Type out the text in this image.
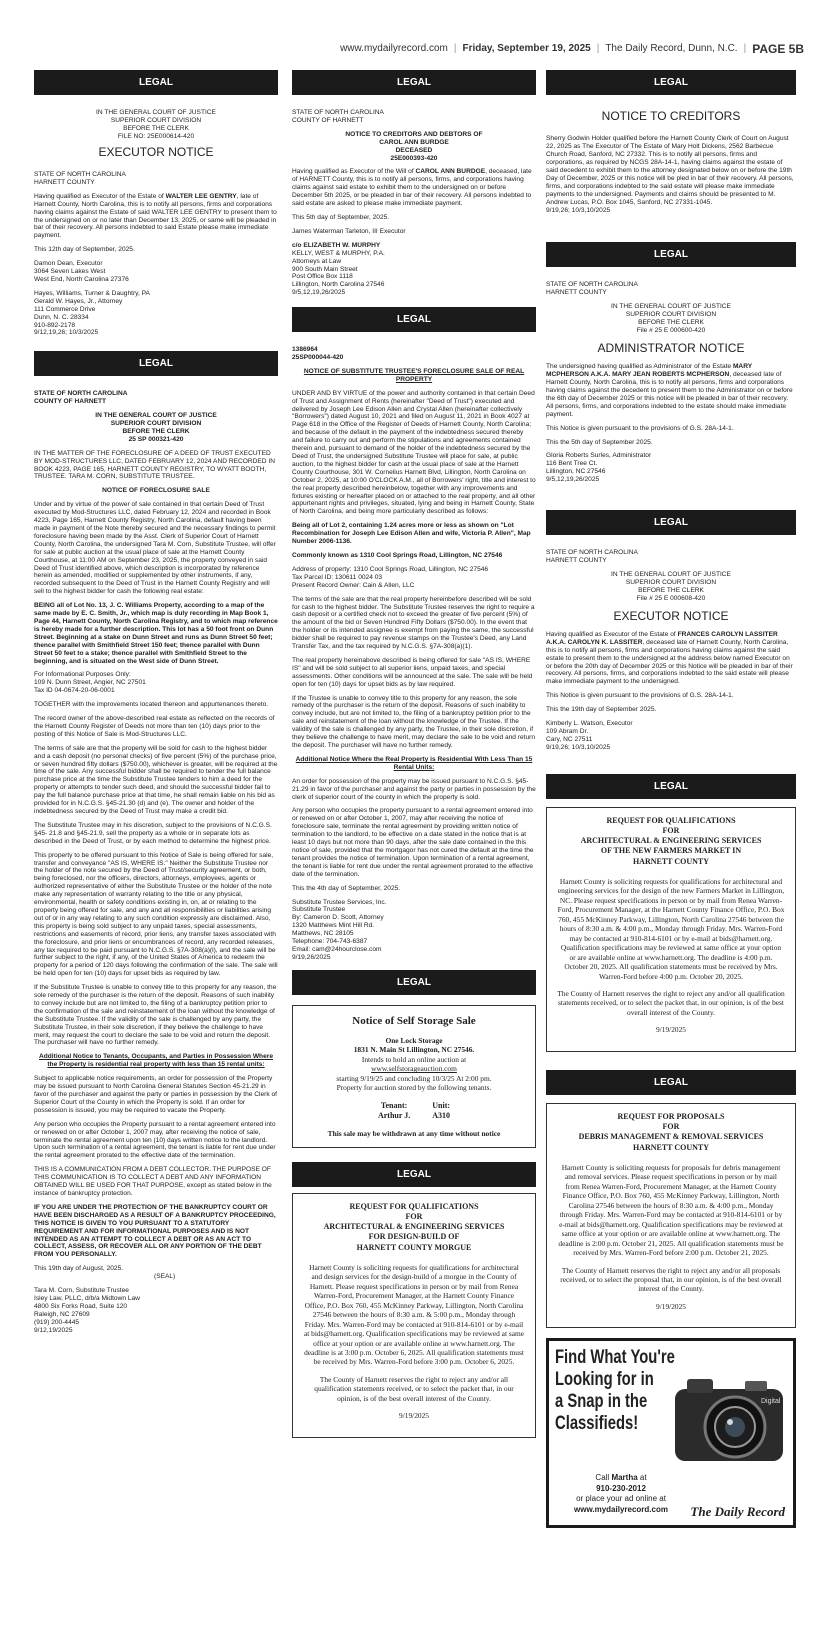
www.mydailyrecord.com | Friday, September 19, 2025 | The Daily Record, Dunn, N.C. | PAGE 5B
LEGAL
IN THE GENERAL COURT OF JUSTICE
SUPERIOR COURT DIVISION
BEFORE THE CLERK
FILE NO: 25E000614-420
EXECUTOR NOTICE

STATE OF NORTH CAROLINA
HARNETT COUNTY

Having qualified as Executor of the Estate of WALTER LEE GENTRY, late of Harnett County, North Carolina, this is to notify all persons, firms and corporations having claims against the Estate of said WALTER LEE GENTRY to present them to the undersigned on or no later than December 13, 2025, or same will be pleaded in bar of their recovery. All persons indebted to said Estate please make immediate payment.

This 12th day of September, 2025.

Damon Dean, Executor
3064 Seven Lakes West
West End, North Carolina 27376

Hayes, Williams, Turner & Daughtry, PA
Gerald W. Hayes, Jr., Attorney
111 Commerce Drive
Dunn, N. C. 28334
910-892-2178
9/12,19,26; 10/3/2025

LEGAL

STATE OF NORTH CAROLINA
COUNTY OF HARNETT

IN THE GENERAL COURT OF JUSTICE
SUPERIOR COURT DIVISION
BEFORE THE CLERK
25 SP 000321-420

IN THE MATTER OF THE FORECLOSURE OF A DEED OF TRUST EXECUTED BY MOD-STRUCTURES LLC, DATED FEBRUARY 12, 2024 AND RECORDED IN BOOK 4223, PAGE 165, HARNETT COUNTY REGISTRY, TO WYATT BOOTH, TRUSTEE. TARA M. CORN, SUBSTITUTE TRUSTEE.

NOTICE OF FORECLOSURE SALE

Under and by virtue of the power of sale contained in that certain Deed of Trust executed by Mod-Structures LLC, dated February 12, 2024 and recorded in Book 4223, Page 165, Harnett County Registry, North Carolina, default having been made in payment of the Note thereby secured and the necessary findings to permit foreclosure having been made by the Asst. Clerk of Superior Court of Harnett County, North Carolina, the undersigned Tara M. Corn, Substitute Trustee, will offer for sale at public auction at the usual place of sale at the Harnett County Courthouse, at 11:00 AM on September 23, 2025, the property conveyed in said Deed of Trust identified above, which description is incorporated by reference herein as amended, modified or supplemented by other instruments, if any, recorded subsequent to the Deed of Trust in the Harnett County Registry and will sell to the highest bidder for cash the following real estate:

BEING all of Lot No. 13, J. C. Williams Property, according to a map of the same made by E. C. Smith, Jr., which map is duly recording in Map Book 1, Page 44, Harnett County, North Carolina Registry, and to which map reference is hereby made for a further description. This lot has a 50 foot front on Dunn Street. Beginning at a stake on Dunn Street and runs as Dunn Street 50 feet; thence parallel with Smithfield Street 150 feet; thence parallel with Dunn Street 50 feet to a stake; thence parallel with Smithfield Street to the beginning, and is situated on the West side of Dunn Street.

For Informational Purposes Only:
109 N. Dunn Street, Angier, NC 27501
Tax ID 04-0674-20-06-0001

TOGETHER with the improvements located thereon and appurtenances thereto.

The record owner of the above-described real estate as reflected on the records of the Harnett County Register of Deeds not more than ten (10) days prior to the posting of this Notice of Sale is Mod-Structures LLC.

The terms of sale are that the property will be sold for cash to the highest bidder and a cash deposit (no personal checks) of five percent (5%) of the purchase price, or seven hundred fifty dollars ($750.00), whichever is greater, will be required at the time of the sale. Any successful bidder shall be required to tender the full balance purchase price at the time the Substitute Trustee tenders to him a deed for the property or attempts to tender such deed, and should the successful bidder fail to pay the full balance purchase price at that time, he shall remain liable on his bid as provided for in N.C.G.S. §45-21.30 (d) and (e). The owner and holder of the indebtedness secured by the Deed of Trust may make a credit bid.

The Substitute Trustee may in his discretion, subject to the provisions of N.C.G.S. §45- 21.8 and §45-21.9, sell the property as a whole or in separate lots as described in the Deed of Trust, or by each method to determine the highest price.

This property to be offered pursuant to this Notice of Sale is being offered for sale, transfer and conveyance "AS IS, WHERE IS." Neither the Substitute Trustee nor the holder of the note secured by the Deed of Trust/security agreement, or both, being foreclosed, nor the officers, directors, attorneys, employees, agents or authorized representative of either the Substitute Trustee or the holder of the note make any representation of warranty relating to the title or any physical, environmental, health or safety conditions existing in, on, at or relating to the property being offered for sale, and any and all responsibilities or liabilities arising out of or in any way relating to any such condition expressly are disclaimed. Also, this property is being sold subject to any unpaid taxes, special assessments, restrictions and easements of record, prior liens, any transfer taxes associated with the foreclosure, and prior liens or encumbrances of record, any recorded releases, any tax required to be paid pursuant to N.C.G.S. §7A-308(a)(l), and the sale will be further subject to the right, if any, of the United States of America to redeem the property for a period of 120 days following the confirmation of the sale. The sale will be held open for ten (10) days for upset bids as required by law.

If the Substitute Trustee is unable to convey title to this property for any reason, the sole remedy of the purchaser is the return of the deposit. Reasons of such inability to convey include but are not limited to, the filing of a bankruptcy petition prior to the confirmation of the sale and reinstatement of the loan without the knowledge of the Substitute Trustee. If the validity of the sale is challenged by any party, the Substitute Trustee, in their sole discretion, if they believe the challenge to have merit, may request the court to declare the sale to be void and return the deposit. The purchaser will have no further remedy.

Additional Notice to Tenants, Occupants, and Parties in Possession Where the Property is residential real property with less than 15 rental units:

Subject to applicable notice requirements, an order for possession of the Property may be issued pursuant to North Carolina General Statutes Section 45-21.29 in favor of the purchaser and against the party or parties in possession by the Clerk of Superior Court of the County in which the Property is sold. If an order for possession is issued, you may be required to vacate the Property.

Any person who occupies the Property pursuant to a rental agreement entered into or renewed on or after October 1, 2007 may, after receiving the notice of sale, terminate the rental agreement upon ten (10) days written notice to the landlord. Upon such termination of a rental agreement, the tenant is liable for rent due under the rental agreement prorated to the effective date of the termination.

THIS IS A COMMUNICATION FROM A DEBT COLLECTOR. THE PURPOSE OF THIS COMMUNICATION IS TO COLLECT A DEBT AND ANY INFORMATION OBTAINED WILL BE USED FOR THAT PURPOSE, except as stated below in the instance of bankruptcy protection.

IF YOU ARE UNDER THE PROTECTION OF THE BANKRUPTCY COURT OR HAVE BEEN DISCHARGED AS A RESULT OF A BANKRUPTCY PROCEEDING, THIS NOTICE IS GIVEN TO YOU PURSUANT TO A STATUTORY REQUIREMENT AND FOR INFORMATIONAL PURPOSES AND IS NOT INTENDED AS AN ATTEMPT TO COLLECT A DEBT OR AS AN ACT TO COLLECT, ASSESS, OR RECOVER ALL OR ANY PORTION OF THE DEBT FROM YOU PERSONALLY.

This 19th day of August, 2025.
(SEAL)

Tara M. Corn, Substitute Trustee
Isley Law, PLLC, d/b/a Midtown Law
4800 Six Forks Road, Suite 120
Raleigh, NC 27609
(919) 200-4445
9/12,19/2025

LEGAL

STATE OF NORTH CAROLINA
COUNTY OF HARNETT

NOTICE TO CREDITORS AND DEBTORS OF
CAROL ANN BURDGE
DECEASED
25E000393-420

Having qualified as Executor of the Will of CAROL ANN BURDGE, deceased, late of HARNETT County, this is to notify all persons, firms, and corporations having claims against said estate to exhibit them to the undersigned on or before December 5th 2025, or be pleaded in bar of their recovery. All persons indebted to said estate are asked to please make immediate payment.

This 5th day of September, 2025.

James Waterman Tarleton, III Executor

c/o ELIZABETH W. MURPHY
KELLY, WEST & MURPHY, P.A.
Attorneys at Law
900 South Main Street
Post Office Box 1118
Lillington, North Carolina 27546
9/5,12,19,26/2025

LEGAL

1386964
25SP000044-420

NOTICE OF SUBSTITUTE TRUSTEE'S FORECLOSURE SALE OF REAL PROPERTY

UNDER AND BY VIRTUE of the power and authority contained in that certain Deed of Trust and Assignment of Rents (hereinafter "Deed of Trust") executed and delivered by Joseph Lee Edison Allen and Crystal Allen (hereinafter collectively "Borrowers") dated August 10, 2021 and filed on August 11, 2021 in Book 4027 at Page 618 in the Office of the Register of Deeds of Harnett County, North Carolina; and because of the default in the payment of the indebtedness secured thereby and failure to carry out and perform the stipulations and agreements contained therein and, pursuant to demand of the holder of the indebtedness secured by the Deed of Trust, the undersigned Substitute Trustee will place for sale, at public auction, to the highest bidder for cash at the usual place of sale at the Harnett County Courthouse, 301 W. Cornelius Harnett Blvd, Lillington, North Carolina on October 2, 2025, at 10:00 O'CLOCK A.M., all of Borrowers' right, title and interest to the real property described hereinbelow, together with any improvements and fixtures existing or hereafter placed on or attached to the real property, and all other appurtenant rights and privileges, situated, lying and being in Harnett County, State of North Carolina, and being more particularly described as follows:

Being all of Lot 2, containing 1.24 acres more or less as shown on "Lot Recombination for Joseph Lee Edison Allen and wife, Victoria P. Allen", Map Number 2006-1136.

Commonly known as 1310 Cool Springs Road, Lillington, NC 27546

Address of property: 1310 Cool Springs Road, Lillington, NC 27546
Tax Parcel ID: 130611 0024 03
Present Record Owner: Cain & Allen, LLC

The terms of the sale are that the real property hereinbefore described will be sold for cash to the highest bidder. The Substitute Trustee reserves the right to require a cash deposit or a certified check not to exceed the greater of five percent (5%) of the amount of the bid or Seven Hundred Fifty Dollars ($750.00). In the event that the holder or its intended assignee is exempt from paying the same, the successful bidder shall be required to pay revenue stamps on the Trustee's Deed, any Land Transfer Tax, and the tax required by N.C.G.S. §7A-308(a)(1).

The real property hereinabove described is being offered for sale "AS IS, WHERE IS" and will be sold subject to all superior liens, unpaid taxes, and special assessments. Other conditions will be announced at the sale. The sale will be held open for ten (10) days for upset bids as by law required.

If the Trustee is unable to convey title to this property for any reason, the sole remedy of the purchaser is the return of the deposit. Reasons of such inability to convey include, but are not limited to, the filing of a bankruptcy petition prior to the sale and reinstatement of the loan without the knowledge of the Trustee. If the validity of the sale is challenged by any party, the Trustee, in their sole discretion, if they believe the challenge to have merit, may declare the sale to be void and return the deposit. The purchaser will have no further remedy.

Additional Notice Where the Real Property is Residential With Less Than 15 Rental Units:

An order for possession of the property may be issued pursuant to N.C.G.S. §45-21.29 in favor of the purchaser and against the party or parties in possession by the clerk of superior court of the county in which the property is sold.

Any person who occupies the property pursuant to a rental agreement entered into or renewed on or after October 1, 2007, may after receiving the notice of foreclosure sale, terminate the rental agreement by providing written notice of termination to the landlord, to be effective on a date stated in the notice that is at least 10 days but not more than 90 days, after the sale date contained in the this notice of sale, provided that the mortgagor has not cured the default at the time the tenant provides the notice of termination. Upon termination of a rental agreement, the tenant is liable for rent due under the rental agreement prorated to the effective date of the termination.

This the 4th day of September, 2025.

Substitute Trustee Services, Inc.
Substitute Trustee
By: Cameron D. Scott, Attorney
1320 Matthews Mint Hill Rd.
Matthews, NC 28105
Telephone: 704-743-6387
Email: cam@24hourclose.com
9/19,26/2025

LEGAL
Notice of Self Storage Sale
One Lock Storage
1831 N. Main St Lillington, NC 27546.
Intends to hold an online auction at
www.selfstorageauction.com
starting 9/19/25 and concluding 10/3/25 At 2:00 pm.
Property for auction stored by the following tenants.
Tenant:
Arthur J.
Unit:
A310
This sale may be withdrawn at any time without notice
LEGAL
REQUEST FOR QUALIFICATIONS
FOR
ARCHITECTURAL & ENGINEERING SERVICES
FOR DESIGN-BUILD OF
HARNETT COUNTY MORGUE

Harnett County is soliciting requests for qualifications for architectural and design services for the design-build of a morgue in the County of Harnett. Please request specifications in person or by mail from Renea Warren-Ford, Procurement Manager, at the Harnett County Finance Office, P.O. Box 760, 455 McKinney Parkway, Lillington, North Carolina 27546 between the hours of 8:30 a.m. & 5:00 p.m., Monday through Friday. Mrs. Warren-Ford may be contacted at 910-814-6101 or by e-mail at bids@harnett.org. Qualification specifications may be reviewed at same office at your option or are available online at www.harnett.org. The deadline is at 3:00 p.m. October 6, 2025. All qualification statements must be received by Mrs. Warren-Ford before 3:00 p.m. October 6, 2025.

The County of Harnett reserves the right to reject any and/or all qualification statements received, or to select the packet that, in our opinion, is of the best overall interest of the County.

9/19/2025

LEGAL
NOTICE TO CREDITORS

Sherry Godwin Holder qualified before the Harnett County Clerk of Court on August 22, 2025 as The Executor of The Estate of Mary Holt Dickens, 2562 Barbecue Church Road, Sanford, NC 27332. This is to notify all persons, firms and corporations, as required by NCGS 28A-14-1, having claims against the estate of said decedent to exhibit them to the attorney designated below on or before the 19th Day of December, 2025 or this notice will be pled in bar of their recovery. All persons, firms, and corporations indebted to the said estate will please make immediate payments to the undersigned. Payments and claims should be presented to M. Andrew Lucas, P.O. Box 1045, Sanford, NC 27331-1045.

9/19,26; 10/3,10/2025

LEGAL

STATE OF NORTH CAROLINA
HARNETT COUNTY

IN THE GENERAL COURT OF JUSTICE
SUPERIOR COURT DIVISION
BEFORE THE CLERK
File # 25 E 000600-420

ADMINISTRATOR NOTICE

The undersigned having qualified as Administrator of the Estate MARY MCPHERSON A.K.A. MARY JEAN ROBERTS MCPHERSON, deceased late of Harnett County, North Carolina, this is to notify all persons, firms and corporations having claims against the decedent to present them to the Administrator on or before the 6th day of December 2025 or this notice will be pleaded in bar of their recovery. All persons, firms, and corporations indebted to the estate should make immediate payment.

This Notice is given pursuant to the provisions of G.S. 28A-14-1.

This the 5th day of September 2025.

Gloria Roberts Surles, Administrator
116 Bent Tree Ct.
Lillington, NC 27546
9/5,12,19,26/2025

LEGAL

STATE OF NORTH CAROLINA
HARNETT COUNTY

IN THE GENERAL COURT OF JUSTICE
SUPERIOR COURT DIVISION
BEFORE THE CLERK
File # 25 E 000608-420

EXECUTOR NOTICE

Having qualified as Executor of the Estate of FRANCES CAROLYN LASSITER A.K.A. CAROLYN K. LASSITER, deceased late of Harnett County, North Carolina, this is to notify all persons, firms and corporations having claims against the said estate to present them to the undersigned at the address below named Executor on or before the 20th day of December 2025 or this Notice will be pleaded in bar of their recovery. All persons, firms, and corporations indebted to the said estate will please make immediate payment to the undersigned.

This Notice is given pursuant to the provisions of G.S. 28A-14-1.

This the 19th day of September 2025.

Kimberly L. Watson, Executor
109 Abram Dr.
Cary, NC 27511
9/19,26; 10/3,10/2025

LEGAL
REQUEST FOR QUALIFICATIONS
FOR
ARCHITECTURAL & ENGINEERING SERVICES
OF THE NEW FARMERS MARKET IN
HARNETT COUNTY

Harnett County is soliciting requests for qualifications for architectural and engineering services for the design of the new Farmers Market in Lillington, NC. Please request specifications in person or by mail from Renea Warren-Ford, Procurement Manager, at the Harnett County Finance Office, P.O. Box 760, 455 McKinney Parkway, Lillington, North Carolina 27546 between the hours of 8:30 a.m. & 4:00 p.m., Monday through Friday. Mrs. Warren-Ford may be contacted at 910-814-6101 or by e-mail at bids@harnett.org. Qualification specifications may be reviewed at same office at your option or are available online at www.harnett.org. The deadline is 4:00 p.m. October 20, 2025. All qualification statements must be received by Mrs. Warren-Ford before 4:00 p.m. October 20, 2025.

The County of Harnett reserves the right to reject any and/or all qualification statements received, or to select the packet that, in our opinion, is of the best overall interest of the County.

9/19/2025

LEGAL
REQUEST FOR PROPOSALS
FOR
DEBRIS MANAGEMENT & REMOVAL SERVICES
HARNETT COUNTY

Harnett County is soliciting requests for proposals for debris management and removal services. Please request specifications in person or by mail from Renea Warren-Ford, Procurement Manager, at the Harnett County Finance Office, P.O. Box 760, 455 McKinney Parkway, Lillington, North Carolina 27546 between the hours of 8:30 a.m. & 4:00 p.m., Monday through Friday. Mrs. Warren-Ford may be contacted at 910-814-6101 or by e-mail at bids@harnett.org. Qualification specifications may be reviewed at same office at your option or are available online at www.harnett.org. The deadline is 2:00 p.m. October 21, 2025. All qualification statements must be received by Mrs. Warren-Ford before 2:00 p.m. October 21, 2025.

The County of Harnett reserves the right to reject any and/or all proposals received, or to select the proposal that, in our opinion, is of the best overall interest of the County.

9/19/2025

Find What You're
Looking for in
a Snap in the
Classifieds!
Digital
Call Martha at
910-230-2012
or place your ad online at
www.mydailyrecord.com	The Daily Record
